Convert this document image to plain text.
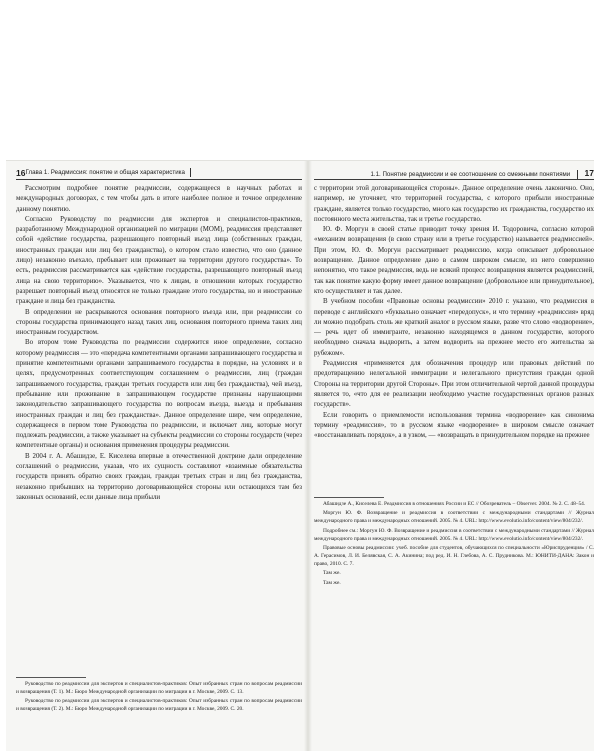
16 Глава 1. Реадмиссия: понятие и общая характеристика

Рассмотрим подробнее понятие реадмиссии, содержащееся в научных работах и международных договорах, с тем чтобы дать в итоге наиболее полное и точное определение данному понятию.

Согласно Руководству по реадмиссии для экспертов и специалистов-практиков, разработанному Международной организацией по миграции (МОМ), реадмиссия представляет собой «действие государства, разрешающего повторный въезд лица (собственных граждан, иностранных граждан или лиц без гражданства), о котором стало известно, что оно (данное лицо) незаконно въехало, пребывает или проживает на территории другого государства». То есть, реадмиссия рассматривается как «действие государства, разрешающего повторный въезд лица на свою территорию». Указывается, что к лицам, в отношении которых государство разрешает повторный въезд относятся не только граждане этого государства, но и иностранные граждане и лица без гражданства.

В определении не раскрываются основания повторного въезда или, при реадмиссии со стороны государства принимающего назад таких лиц, основания повторного приема таких лиц иностранным государством.

Во втором томе Руководства по реадмиссии содержится иное определение, согласно которому реадмиссия — это «передача компетентными органами запрашивающего государства и принятие компетентными органами запрашиваемого государства в порядке, на условиях и в целях, предусмотренных соответствующим соглашением о реадмиссии, лиц (граждан запрашиваемого государства, граждан третьих государств или лиц без гражданства), чей въезд, пребывание или проживание в запрашивающем государстве признаны нарушающими законодательство запрашивающего государства по вопросам въезда, выезда и пребывания иностранных граждан и лиц без гражданства». Данное определение шире, чем определение, содержащееся в первом томе Руководства по реадмиссии, и включает лиц, которые могут подлежать реадмиссии, а также указывает на субъекты реадмиссии со стороны государств (через компетентные органы) и основания применения процедуры реадмиссии.

В 2004 г. А. Абашидзе, Е. Киселева впервые в отечественной доктрине дали определение соглашений о реадмиссии, указав, что их сущность составляют «взаимные обязательства государств принять обратно своих граждан, граждан третьих стран и лиц без гражданства, незаконно прибывших на территорию договаривающейся стороны или остающихся там без законных оснований, если данные лица прибыли

Руководство по реадмиссии для экспертов и специалистов-практиков: Опыт избранных стран по вопросам реадмиссии и возвращения (Т. 1). М.: Бюро Международной организации по миграции в г. Москве, 2009. С. 13.

Руководство по реадмиссии для экспертов и специалистов-практиков: Опыт избранных стран по вопросам реадмиссии и возвращения (Т. 2). М.: Бюро Международной организации по миграции в г. Москве, 2009. С. 20.

1.1. Понятие реадмиссии и ее соотношение со смежными понятиями 17

с территории этой договаривающейся стороны». Данное определение очень лаконично. Оно, например, не уточняет, что территорией государства, с которого прибыли иностранные граждане, является только государство, много как государство их гражданства, государство их постоянного места жительства, так и третье государство.

Ю. Ф. Моргун в своей статье приводит точку зрения И. Тодоровича, согласно которой «механизм возвращения (в свою страну или в третье государство) называется реадмиссией». При этом, Ю. Ф. Моргун рассматривает реадмиссию, когда описывает добровольное возвращение. Данное определение дано в самом широком смысле, из него совершенно непонятно, что такое реадмиссия, ведь не всякий процесс возвращения является реадмиссией, так как понятие какую форму имеет данное возвращение (добровольное или принудительное), кто осуществляет и так далее.

В учебном пособии «Правовые основы реадмиссии» 2010 г. указано, что реадмиссия в переводе с английского «буквально означает «передопуск», и что термину «реадмиссия» вряд ли можно подобрать столь же краткий аналог в русском языке, разве что слово «водворение», — речь идет об иммигранте, незаконно находящемся в данном государстве, которого необходимо сначала выдворить, а затем водворить на прежнее место его жительства за рубежом».

Реадмиссия «применяется для обозначения процедур или правовых действий по предотвращению нелегальной иммиграции и нелегального присутствия граждан одной Стороны на территории другой Стороны». При этом отличительной чертой данной процедуры является то, «что для ее реализации необходимо участие государственных органов разных государств».

Если говорить о приемлемости использования термина «водворение» как синонима термину «реадмиссия», то в русском языке «водворение» в широком смысле означает «восстанавливать порядок», а в узком, — «возвращать в принудительном порядке на прежнее

Абашидзе А., Киселева Е. Реадмиссия в отношениях России и ЕС // Обозреватель – Observer. 2004. № 2. С. 48–54.

Моргун Ю. Ф. Возвращение и реадмиссия в соответствии с международными стандартами // Журнал международного права и международных отношений. 2005. № 4. URL: http://www.evolutio.info/content/view/804/232/.

Подробнее см.: Моргун Ю. Ф. Возвращение и реадмиссия в соответствии с международными стандартами // Журнал международного права и международных отношений. 2005. № 4. URL: http://www.evolutio.info/content/view/804/232/.

Правовые основы реадмиссии: учеб. пособие для студентов, обучающихся по специальности «Юриспруденция» / С. А. Герасимов, Л. И. Белявская, С. А. Акинина; под ред. И. Н. Глебова, А. С. Прудникова. М.: ЮНИТИ-ДАНА: Закон и право, 2010. С. 7.

Там же.

Там же.
